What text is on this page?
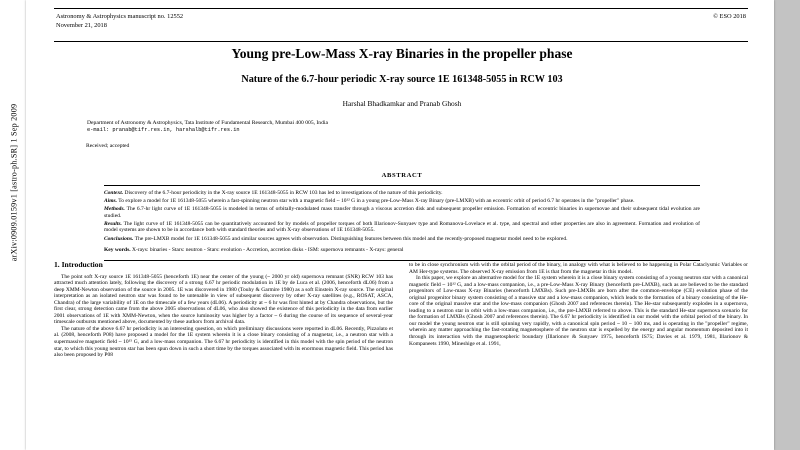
arXiv:0909.0159v1 [astro-ph.SR] 1 Sep 2009
Astronomy & Astrophysics manuscript no. 12552
November 21, 2018
© ESO 2018
Young pre-Low-Mass X-ray Binaries in the propeller phase
Nature of the 6.7-hour periodic X-ray source 1E 161348-5055 in RCW 103
Harshal Bhadkamkar and Pranab Ghosh
Department of Astronomy & Astrophysics, Tata Institute of Fundamental Research, Mumbai 400 005, India
e-mail: pranab@tifr.res.in, harshalb@tifr.res.in
Received; accepted
ABSTRACT
Context. Discovery of the 6.7-hour periodicity in the X-ray source 1E 161348-5055 in RCW 103 has led to investigations of the nature of this periodicity.
Aims. To explore a model for 1E 161348-5055 wherein a fast-spinning neutron star with a magnetic field ~ 10¹² G in a young pre-Low-Mass X-ray Binary (pre-LMXB) with an eccentric orbit of period 6.7 hr operates in the "propeller" phase.
Methods. The 6.7-hr light curve of 1E 161348-5055 is modeled in terms of orbitally-modulated mass transfer through a viscous accretion disk and subsequent propeller emission. Formation of eccentric binaries in supernovae and their subsequent tidal evolution are studied.
Results. The light curve of 1E 161348-5055 can be quantitatively accounted for by models of propeller torques of both Illarionov-Sunyaev type and Romanova-Lovelace et al. type, and spectral and other properties are also in agreement. Formation and evolution of model systems are shown to be in accordance both with standard theories and with X-ray observations of 1E 161348-5055.
Conclusions. The pre-LMXB model for 1E 161348-5055 and similar sources agrees with observation. Distinguishing features between this model and the recently-proposed magnetar model need to be explored.
Key words. X-rays: binaries - Stars: neutron - Stars: evolution - Accretion, accretion disks - ISM: supernova remnants - X-rays: general
1. Introduction

The point soft X-ray source 1E 161348-5055 (henceforth 1E) near the center of the young (~ 2000 yr old) supernova remnant (SNR) RCW 103 has attracted much attention lately, following the discovery of a strong 6.67 hr periodic modulation in 1E by de Luca et al. (2006, henceforth dL06) from a deep XMM-Newton observation of the source in 2005. 1E was discovered in 1980 (Touhy & Garmire 1980) as a soft Einstein X-ray source. The original interpretation as an isolated neutron star was found to be untenable in view of subsequent discovery by other X-ray satellites (e.g., ROSAT, ASCA, Chandra) of the large variability of 1E on the timescale of a few years (dL06). A periodicity at ~ 6 hr was first hinted at by Chandra observations, but the first clear, strong detection came from the above 2005 observations of dL06, who also showed the existence of this periodicity in the data from earlier 2001 observations of 1E with XMM-Newton, when the source luminosity was higher by a factor ~ 6 during the course of its sequence of several-year timescale outbursts mentioned above, documented by these authors from archival data.

The nature of the above 6.67 hr periodicity is an interesting question, on which preliminary discussions were reported in dL06. Recently, Pizzolato et al. (2008, henceforth P08) have proposed a model for the 1E system wherein it is a close binary consisting of a magnetar, i.e., a neutron star with a supermassive magnetic field ~ 10¹⁵ G, and a low-mass companion. The 6.67 hr periodicity is identified in this model with the spin period of the neutron star, to which this young neutron star has been spun down in such a short time by the torques associated with its enormous magnetic field. This period has also been proposed by P08

to be in close synchronism with with the orbital period of the binary, in analogy with what is believed to be happening in Polar Cataclysmic Variables or AM Her-type systems. The observed X-ray emission from 1E is that from the magnetar in this model.

In this paper, we explore an alternative model for the 1E system wherein it is a close binary system consisting of a young neutron star with a canonical magnetic field ~ 10¹² G, and a low-mass companion, i.e., a pre-Low-Mass X-ray Binary (henceforth pre-LMXB), such as are believed to be the standard progenitors of Low-mass X-ray Binaries (henceforth LMXBs). Such pre-LMXBs are born after the common-envelope (CE) evolution phase of the original progenitor binary system consisting of a massive star and a low-mass companion, which leads to the formation of a binary consisting of the He-core of the original massive star and the low-mass companion (Ghosh 2007 and references therein). The He-star subsequently explodes in a supernova, leading to a neutron star in orbit with a low-mass companion, i.e., the pre-LMXB referred to above. This is the standard He-star supernova scenario for the formation of LMXBs (Ghosh 2007 and references therein). The 6.67 hr periodicity is identified in our model with the orbital period of the binary. In our model the young neutron star is still spinning very rapidly, with a canonical spin period ~ 10 ~ 100 ms, and is operating in the "propeller" regime, wherein any matter approaching the fast-rotating magnetosphere of the neutron star is expelled by the energy and angular momentum deposited into it through its interaction with the magnetospheric boundary (Illarionov & Sunyaev 1975, henceforth IS75; Davies et al. 1979, 1981, Illarionov & Kompaneets 1990, Mineshige et al. 1991,
